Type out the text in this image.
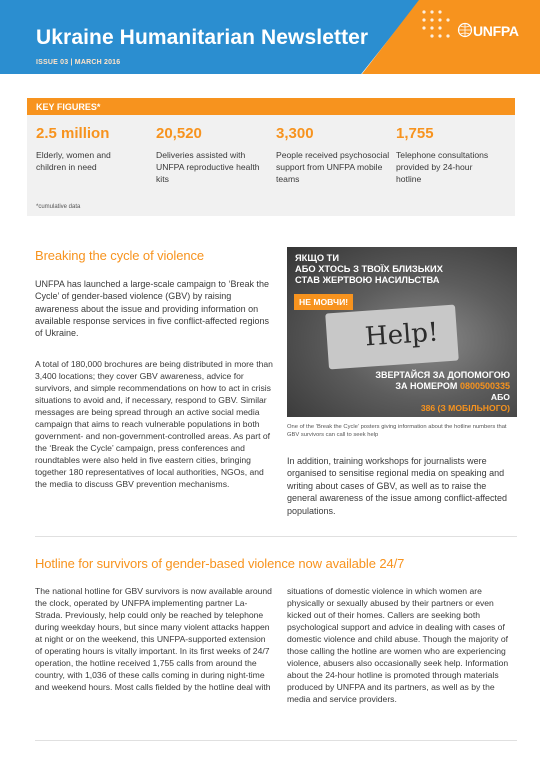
Ukraine Humanitarian Newsletter
ISSUE 03 | MARCH 2016
UNFPA
KEY FIGURES*
2.5 million
Elderly, women and children in need
20,520
Deliveries assisted with UNFPA reproductive health kits
3,300
People received psychosocial support from UNFPA mobile teams
1,755
Telephone consultations provided by 24-hour hotline
*cumulative data
Breaking the cycle of violence
UNFPA has launched a large-scale campaign to ‘Break the Cycle’ of gender-based violence (GBV) by raising awareness about the issue and providing information on available response services in five conflict-affected regions of Ukraine.
A total of 180,000 brochures are being distributed in more than 3,400 locations; they cover GBV awareness, advice for survivors, and simple recommendations on how to act in crisis situations to avoid and, if necessary, respond to GBV. Similar messages are being spread through an active social media campaign that aims to reach vulnerable populations in both government- and non-government-controlled areas. As part of the ‘Break the Cycle’ campaign, press conferences and roundtables were also held in five eastern cities, bringing together 180 representatives of local authorities, NGOs, and the media to discuss GBV prevention mechanisms.
Help!
ЯКЩО ТИ
АБО ХТОСЬ З ТВОЇХ БЛИЗЬКИХ
СТАВ ЖЕРТВОЮ НАСИЛЬСТВА
НЕ МОВЧИ!
ЗВЕРТАЙСЯ ЗА ДОПОМОГОЮ
ЗА НОМЕРОМ 0800500335
АБО
386 (З МОБІЛЬНОГО)
One of the ‘Break the Cycle’ posters giving information about the hotline numbers that GBV survivors can call to seek help
In addition, training workshops for journalists were organised to sensitise regional media on speaking and writing about cases of GBV, as well as to raise the general awareness of the issue among conflict-affected populations.
Hotline for survivors of gender-based violence now available 24/7
The national hotline for GBV survivors is now available around the clock, operated by UNFPA implementing partner La-Strada. Previously, help could only be reached by telephone during weekday hours, but since many violent attacks happen at night or on the weekend, this UNFPA-supported extension of operating hours is vitally important. In its first weeks of 24/7 operation, the hotline received 1,755 calls from around the country, with 1,036 of these calls coming in during night-time and weekend hours. Most calls fielded by the hotline deal with
situations of domestic violence in which women are physically or sexually abused by their partners or even kicked out of their homes. Callers are seeking both psychological support and advice in dealing with cases of domestic violence and child abuse. Though the majority of those calling the hotline are women who are experiencing violence, abusers also occasionally seek help. Information about the 24-hour hotline is promoted through materials produced by UNFPA and its partners, as well as by the media and service providers.
